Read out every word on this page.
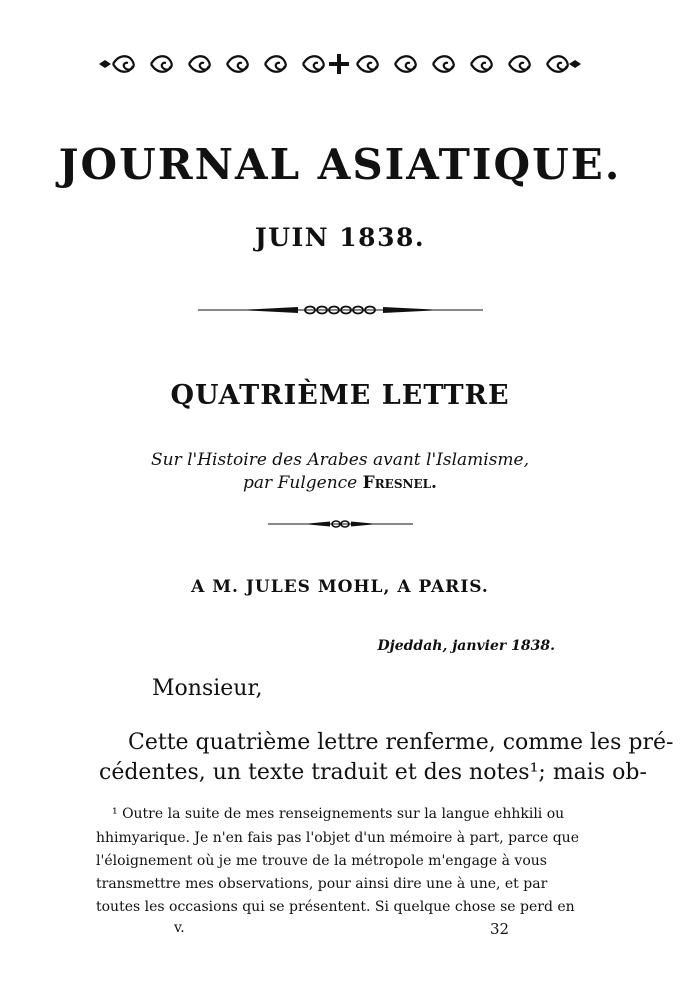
JOURNAL ASIATIQUE.
JUIN 1838.
QUATRIÈME LETTRE
Sur l'Histoire des Arabes avant l'Islamisme,
par Fulgence Fresnel.
A M. JULES MOHL, A PARIS.
Djeddah, janvier 1838.
Monsieur,
Cette quatrième lettre renferme, comme les pré-
cédentes, un texte traduit et des notes¹; mais ob-
¹ Outre la suite de mes renseignements sur la langue ehhkili ou
hhimyarique. Je n'en fais pas l'objet d'un mémoire à part, parce que
l'éloignement où je me trouve de la métropole m'engage à vous
transmettre mes observations, pour ainsi dire une à une, et par
toutes les occasions qui se présentent. Si quelque chose se perd en
v.	32
